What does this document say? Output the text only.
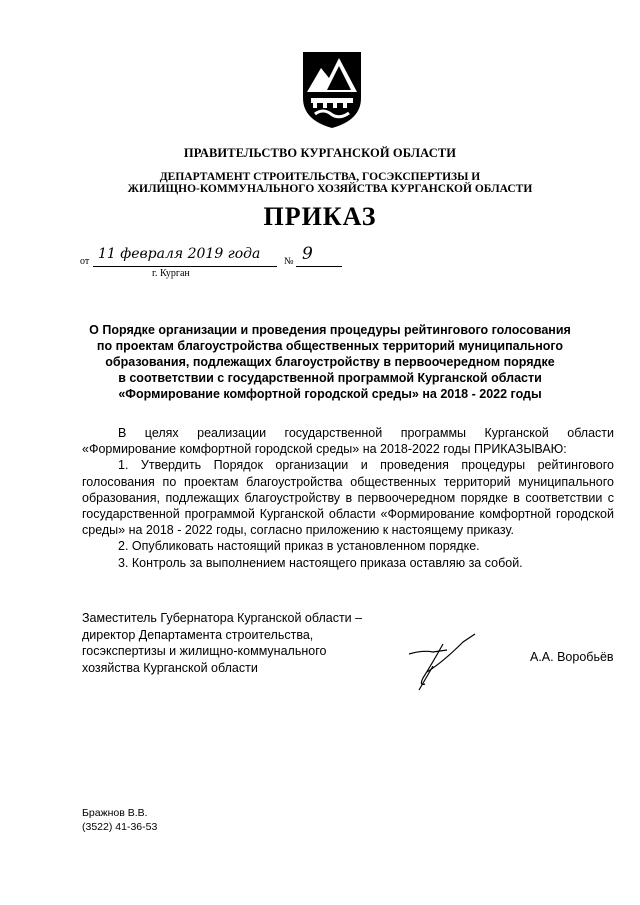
ПРАВИТЕЛЬСТВО КУРГАНСКОЙ ОБЛАСТИ
ДЕПАРТАМЕНТ СТРОИТЕЛЬСТВА, ГОСЭКСПЕРТИЗЫ И
ЖИЛИЩНО-КОММУНАЛЬНОГО ХОЗЯЙСТВА КУРГАНСКОЙ ОБЛАСТИ
ПРИКАЗ
от 11 февраля 2019 года № 9
г. Курган
О Порядке организации и проведения процедуры рейтингового голосования
по проектам благоустройства общественных территорий муниципального
образования, подлежащих благоустройству в первоочередном порядке
в соответствии с государственной программой Курганской области
«Формирование комфортной городской среды» на 2018 - 2022 годы

В целях реализации государственной программы Курганской области «Формирование комфортной городской среды» на 2018-2022 годы ПРИКАЗЫВАЮ:

1. Утвердить Порядок организации и проведения процедуры рейтингового голосования по проектам благоустройства общественных территорий муниципального образования, подлежащих благоустройству в первоочередном порядке в соответствии с государственной программой Курганской области «Формирование комфортной городской среды» на 2018 - 2022 годы, согласно приложению к настоящему приказу.

2. Опубликовать настоящий приказ в установленном порядке.

3. Контроль за выполнением настоящего приказа оставляю за собой.

Заместитель Губернатора Курганской области –
директор Департамента строительства,
госэкспертизы и жилищно-коммунального
хозяйства Курганской области
А.А. Воробьёв
Бражнов В.В.
(3522) 41-36-53
